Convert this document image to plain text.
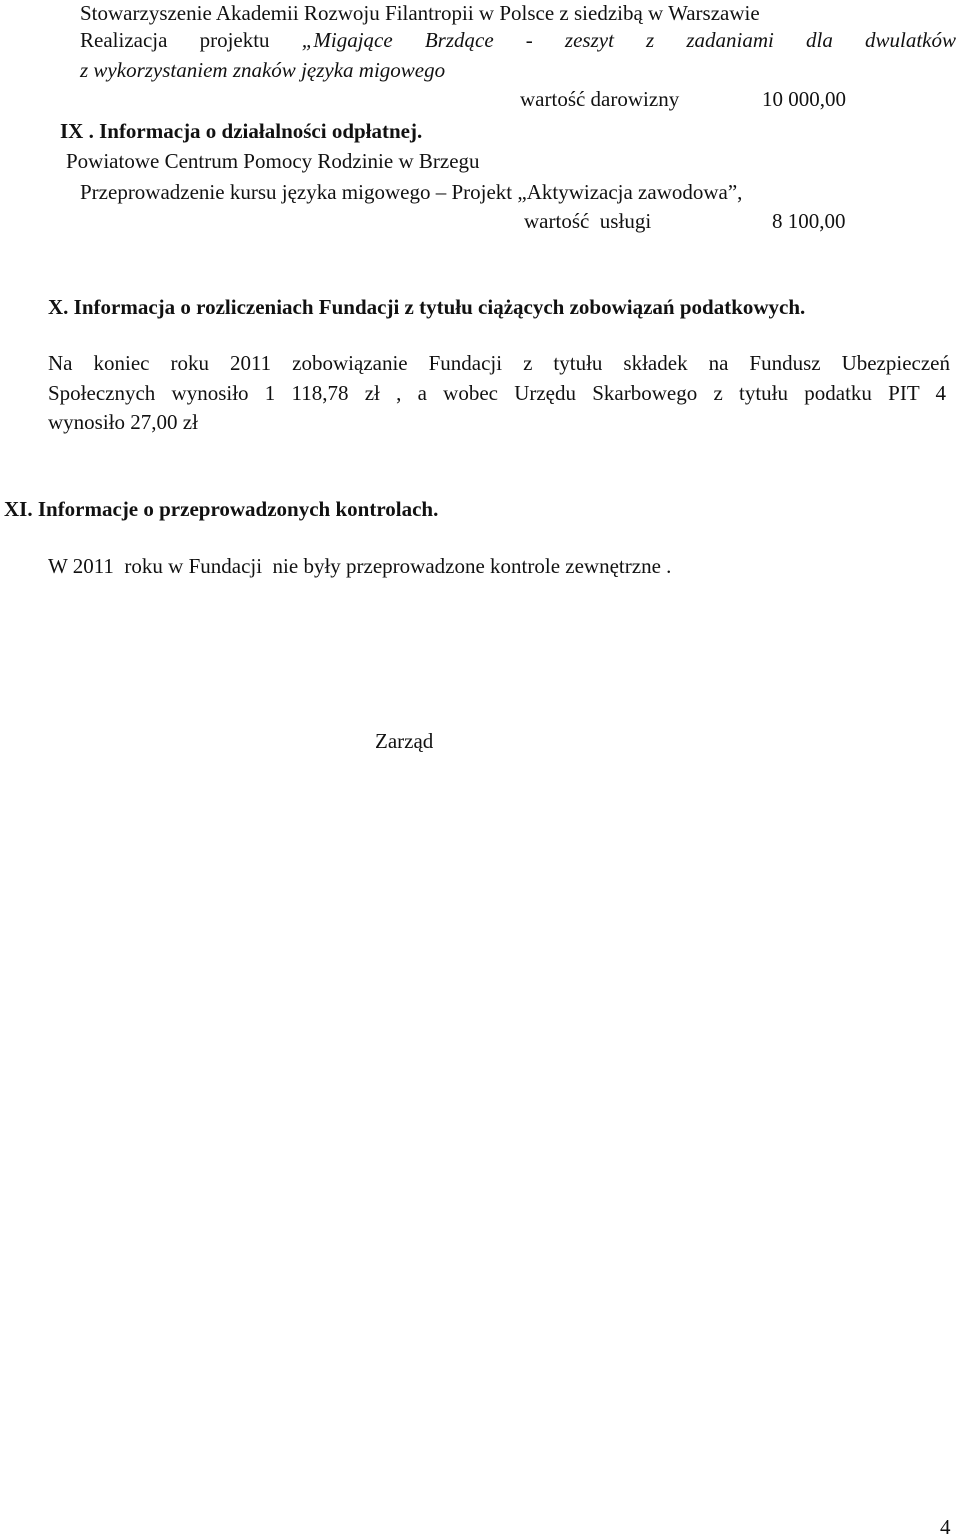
Stowarzyszenie Akademii Rozwoju Filantropii w Polsce z siedzibą w Warszawie
Realizacja projektu „Migające Brzdące - zeszyt z zadaniami dla dwulatków
z wykorzystaniem znaków języka migowego
wartość darowizny	10 000,00
IX . Informacja o działalności odpłatnej.
Powiatowe Centrum Pomocy Rodzinie w Brzegu
Przeprowadzenie kursu języka migowego – Projekt „Aktywizacja zawodowa”,
wartość  usługi	8 100,00
X. Informacja o rozliczeniach Fundacji z tytułu ciążących zobowiązań podatkowych.
Na koniec roku 2011 zobowiązanie Fundacji z tytułu składek na Fundusz Ubezpieczeń
Społecznych wynosiło 1 118,78 zł , a wobec Urzędu Skarbowego z tytułu podatku PIT 4
wynosiło 27,00 zł
XI. Informacje o przeprowadzonych kontrolach.
W 2011  roku w Fundacji  nie były przeprowadzone kontrole zewnętrzne .
Zarząd
4
